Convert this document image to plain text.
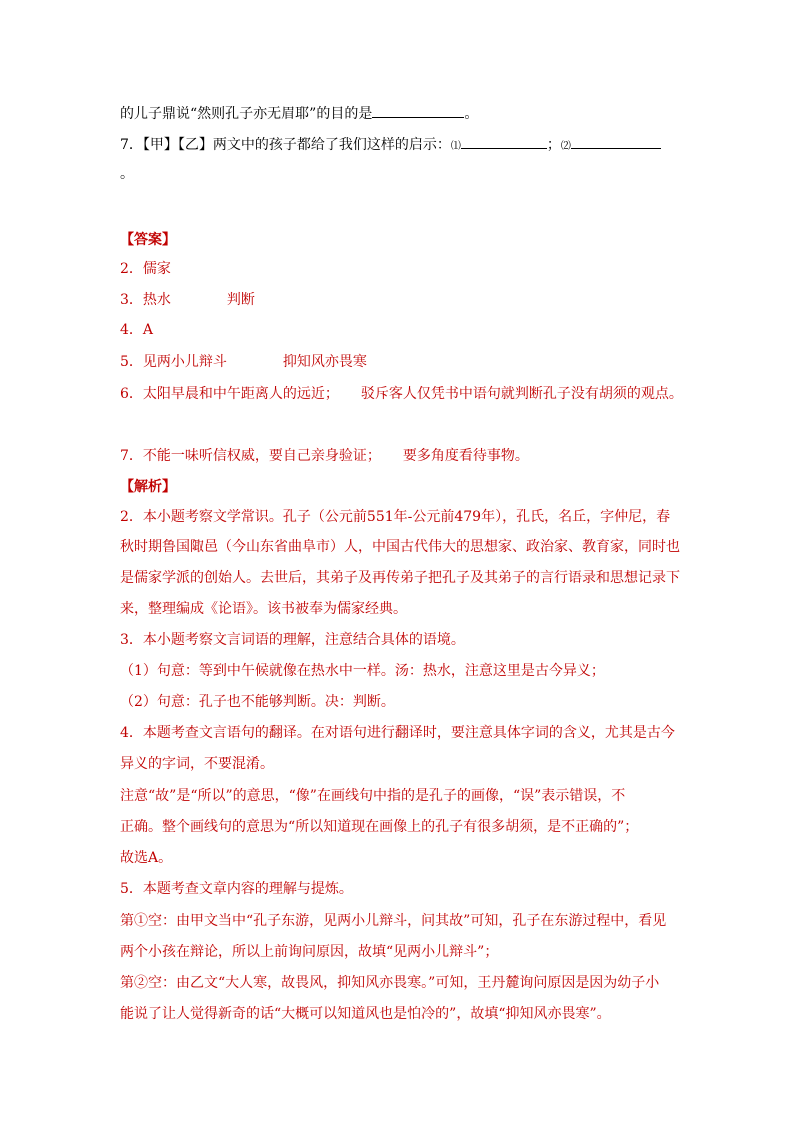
的儿子鼎说“然则孔子亦无眉耶”的目的是	。
7．【甲】【乙】两文中的孩子都给了我们这样的启示：⑴	；⑵
。
【答案】
2．儒家
3．热水	判断
4．A
5．见两小儿辩斗	抑知风亦畏寒
6．太阳早晨和中午距离人的远近； 驳斥客人仅凭书中语句就判断孔子没有胡须的观点。
7．不能一味听信权威，要自己亲身验证； 要多角度看待事物。
【解析】
2．本小题考察文学常识。孔子（公元前551年-公元前479年），孔氏，名丘，字仲尼，春
秋时期鲁国陬邑（今山东省曲阜市）人，中国古代伟大的思想家、政治家、教育家，同时也
是儒家学派的创始人。去世后，其弟子及再传弟子把孔子及其弟子的言行语录和思想记录下
来，整理编成《论语》。该书被奉为儒家经典。
3．本小题考察文言词语的理解，注意结合具体的语境。
（1）句意：等到中午候就像在热水中一样。汤：热水，注意这里是古今异义；
（2）句意：孔子也不能够判断。决：判断。
4．本题考查文言语句的翻译。在对语句进行翻译时，要注意具体字词的含义，尤其是古今
异义的字词，不要混淆。
注意“故”是“所以”的意思，“像”在画线句中指的是孔子的画像，“误”表示错误，不
正确。整个画线句的意思为“所以知道现在画像上的孔子有很多胡须，是不正确的”；
故选A。
5．本题考查文章内容的理解与提炼。
第①空：由甲文当中“孔子东游，见两小儿辩斗，问其故”可知，孔子在东游过程中，看见
两个小孩在辩论，所以上前询问原因，故填“见两小儿辩斗”；
第②空：由乙文“大人寒，故畏风，抑知风亦畏寒。”可知，王丹麓询问原因是因为幼子小
能说了让人觉得新奇的话“大概可以知道风也是怕冷的”，故填“抑知风亦畏寒”。
